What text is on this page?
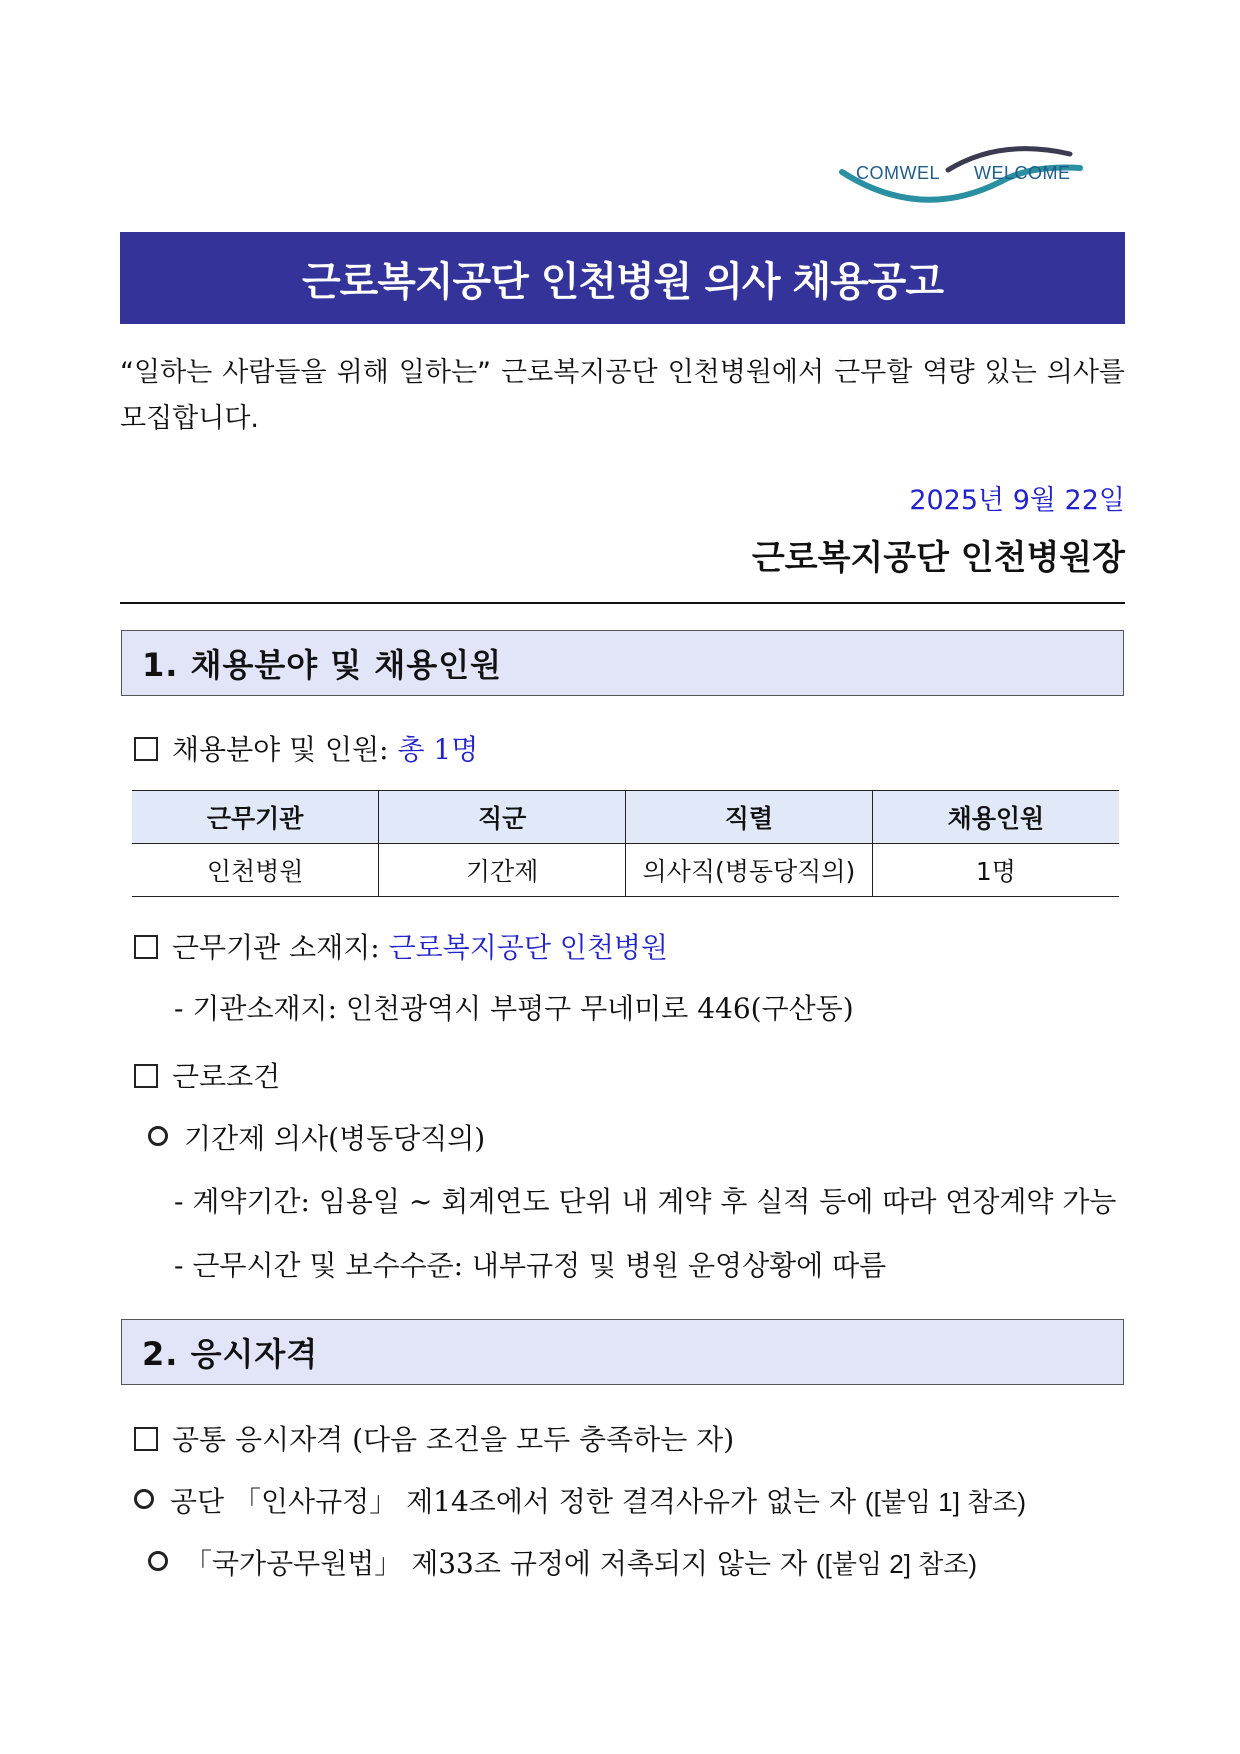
COMWEL WELCOME
근로복지공단 인천병원 의사 채용공고
“일하는 사람들을 위해 일하는” 근로복지공단 인천병원에서 근무할 역량 있는 의사를 모집합니다.
2025년 9월 22일
근로복지공단 인천병원장
1. 채용분야 및 채용인원
채용분야 및 인원: 총 1명
근무기관	직군	직렬	채용인원
인천병원	기간제	의사직(병동당직의)	1명
근무기관 소재지: 근로복지공단 인천병원
- 기관소재지: 인천광역시 부평구 무네미로 446(구산동)
근로조건
기간제 의사(병동당직의)
- 계약기간: 임용일 ~ 회계연도 단위 내 계약 후 실적 등에 따라 연장계약 가능
- 근무시간 및 보수수준: 내부규정 및 병원 운영상황에 따름
2. 응시자격
공통 응시자격 (다음 조건을 모두 충족하는 자)
공단 「인사규정」 제14조에서 정한 결격사유가 없는 자 ([붙임 1] 참조)
「국가공무원법」 제33조 규정에 저촉되지 않는 자 ([붙임 2] 참조)
